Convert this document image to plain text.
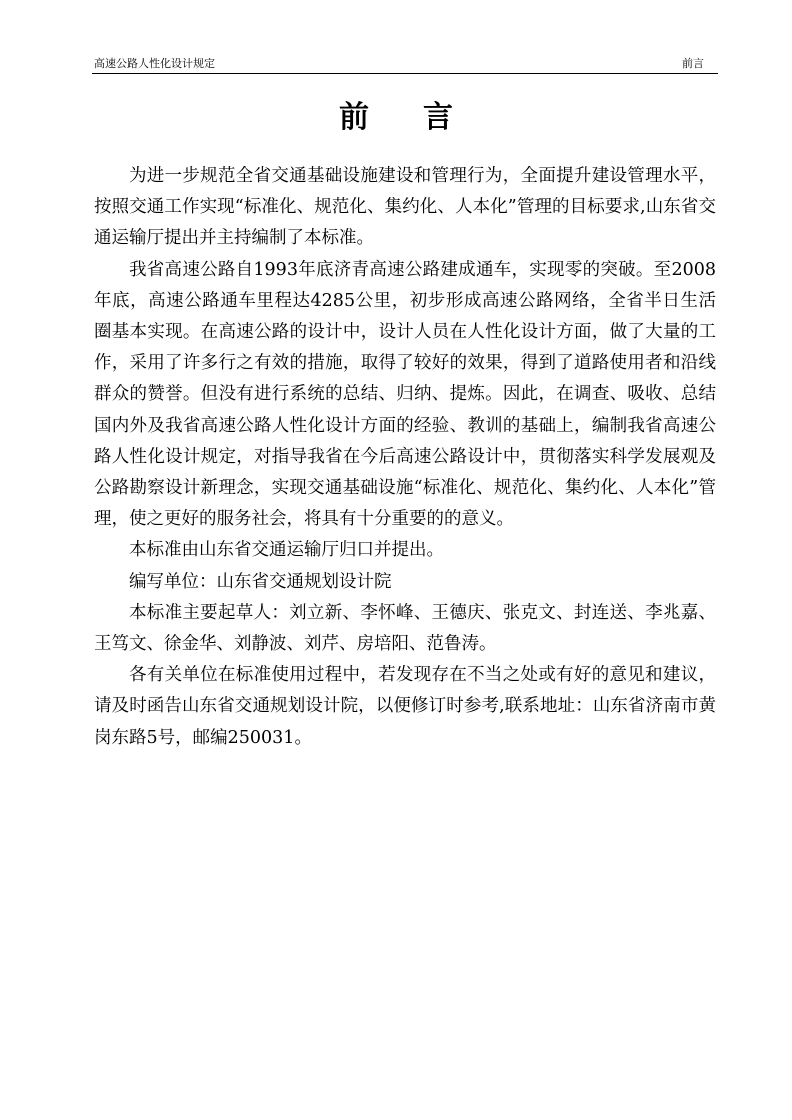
高速公路人性化设计规定	前言
前 言

为进一步规范全省交通基础设施建设和管理行为，全面提升建设管理水平，按照交通工作实现“标准化、规范化、集约化、人本化”管理的目标要求,山东省交通运输厅提出并主持编制了本标准。

我省高速公路自1993年底济青高速公路建成通车，实现零的突破。至2008年底，高速公路通车里程达4285公里，初步形成高速公路网络，全省半日生活圈基本实现。在高速公路的设计中，设计人员在人性化设计方面，做了大量的工作，采用了许多行之有效的措施，取得了较好的效果，得到了道路使用者和沿线群众的赞誉。但没有进行系统的总结、归纳、提炼。因此，在调查、吸收、总结国内外及我省高速公路人性化设计方面的经验、教训的基础上，编制我省高速公路人性化设计规定，对指导我省在今后高速公路设计中，贯彻落实科学发展观及公路勘察设计新理念，实现交通基础设施“标准化、规范化、集约化、人本化”管理，使之更好的服务社会，将具有十分重要的的意义。

本标准由山东省交通运输厅归口并提出。

编写单位：山东省交通规划设计院

本标准主要起草人：刘立新、李怀峰、王德庆、张克文、封连送、李兆嘉、王笃文、徐金华、刘静波、刘芹、房培阳、范鲁涛。

各有关单位在标准使用过程中，若发现存在不当之处或有好的意见和建议，请及时函告山东省交通规划设计院，以便修订时参考,联系地址：山东省济南市黄岗东路5号，邮编250031。
